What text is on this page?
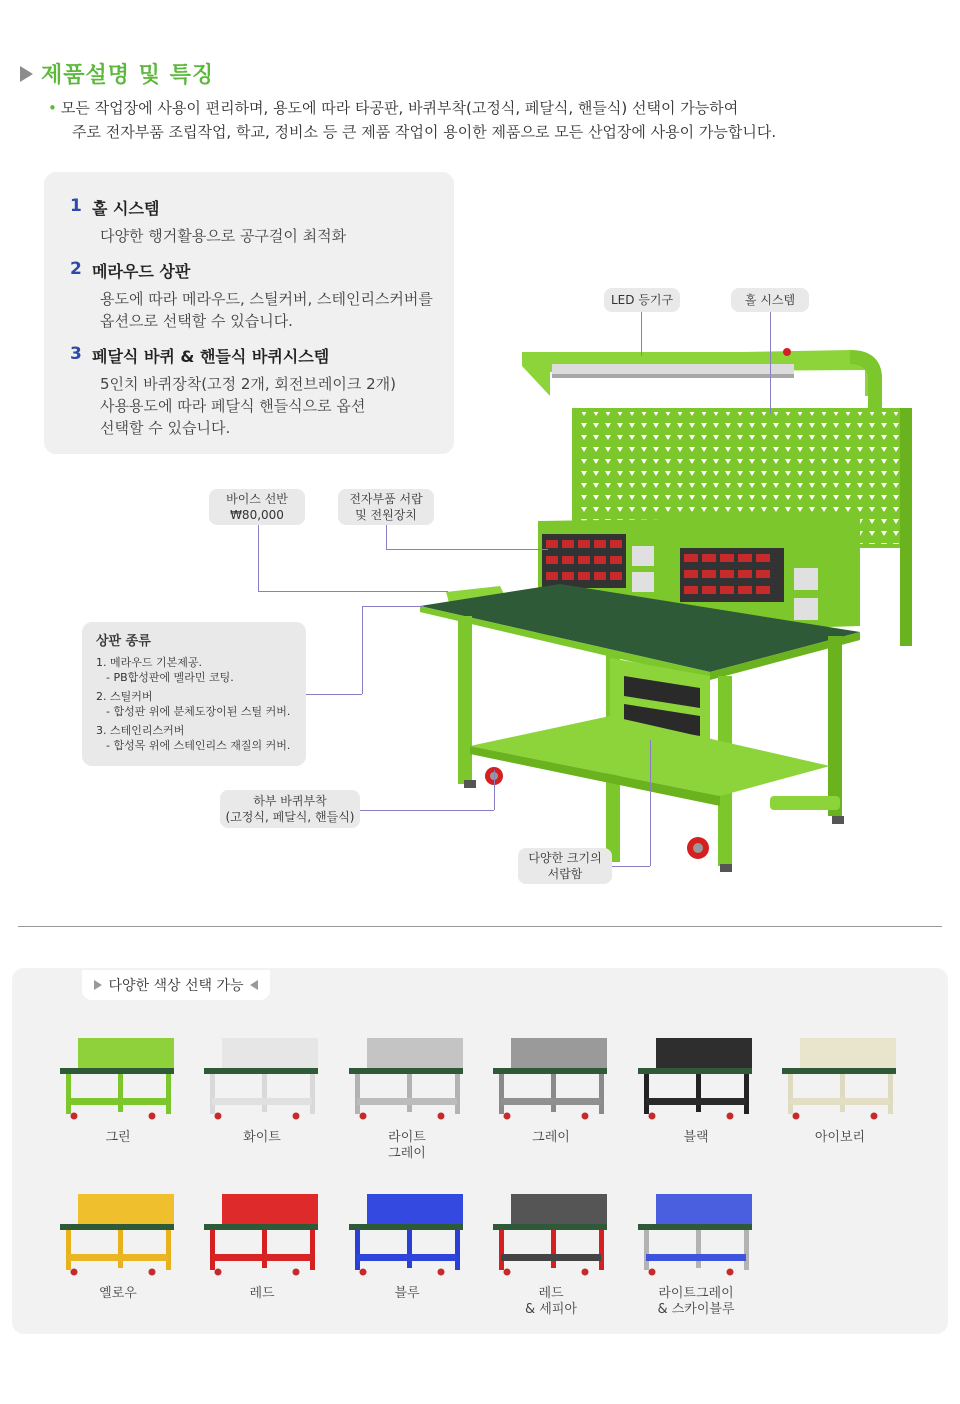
제품설명 및 특징

• 모든 작업장에 사용이 편리하며, 용도에 따라 타공판, 바퀴부착(고정식, 페달식, 핸들식) 선택이 가능하여

주로 전자부품 조립작업, 학교, 정비소 등 큰 제품 작업이 용이한 제품으로 모든 산업장에 사용이 가능합니다.

1 홀 시스템
다양한 행거활용으로 공구걸이 최적화
2 메라우드 상판
용도에 따라 메라우드, 스틸커버, 스테인리스커버를
옵션으로 선택할 수 있습니다.
3 페달식 바퀴 & 핸들식 바퀴시스템
5인치 바퀴장착(고정 2개, 회전브레이크 2개)
사용용도에 따라 페달식 핸들식으로 옵션
선택할 수 있습니다.
LED 등기구	홀 시스템
바이스 선반
₩80,000
전자부품 서랍
및 전원장치
하부 바퀴부착
(고정식, 페달식, 핸들식)
다양한 크기의
서랍함
상판 종류
1. 메라우드 기본제공.
- PB합성판에 멜라민 코팅.
2. 스틸커버
- 합성판 위에 분체도장이된 스틸 커버.
3. 스테인리스커버
- 합성목 위에 스테인리스 재질의 커버.
다양한 색상 선택 가능
그린	화이트	라이트
그레이
그레이	블랙	아이보리
옐로우	레드	블루	레드
& 세피아
라이트그레이
& 스카이블루
